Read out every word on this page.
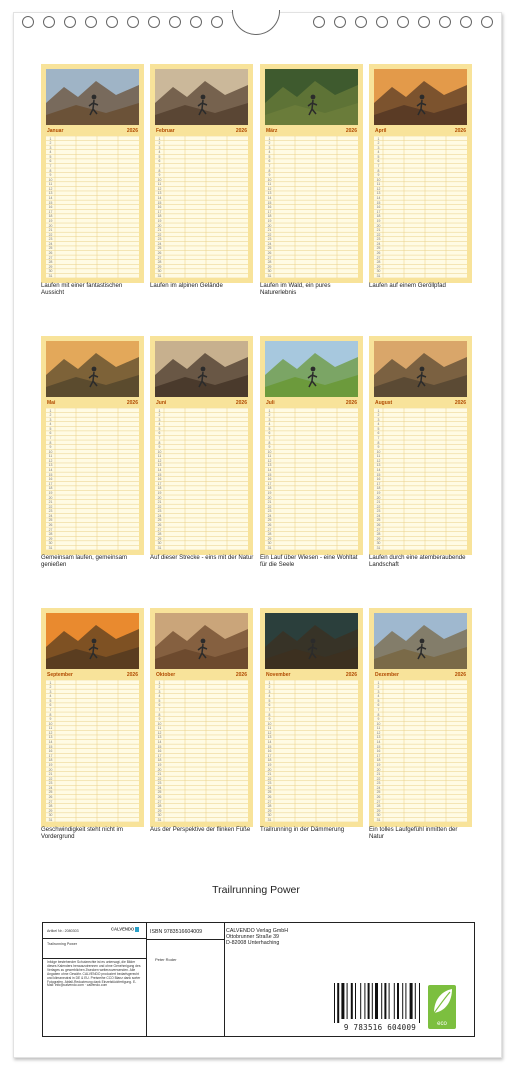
Januar	2026
1
2
3
4
5
6
7
8
9
10
11
12
13
14
15
16
17
18
19
20
21
22
23
24
25
26
27
28
29
30
31
Laufen mit einer fantastischen Aussicht
Februar	2026
1
2
3
4
5
6
7
8
9
10
11
12
13
14
15
16
17
18
19
20
21
22
23
24
25
26
27
28
29
30
31
Laufen im alpinen Gelände
März	2026
1
2
3
4
5
6
7
8
9
10
11
12
13
14
15
16
17
18
19
20
21
22
23
24
25
26
27
28
29
30
31
Laufen im Wald, ein pures Naturerlebnis
April	2026
1
2
3
4
5
6
7
8
9
10
11
12
13
14
15
16
17
18
19
20
21
22
23
24
25
26
27
28
29
30
31
Laufen auf einem Geröllpfad
Mai	2026
1
2
3
4
5
6
7
8
9
10
11
12
13
14
15
16
17
18
19
20
21
22
23
24
25
26
27
28
29
30
31
Gemeinsam laufen, gemeinsam genießen
Juni	2026
1
2
3
4
5
6
7
8
9
10
11
12
13
14
15
16
17
18
19
20
21
22
23
24
25
26
27
28
29
30
31
Auf dieser Strecke - eins mit der Natur
Juli	2026
1
2
3
4
5
6
7
8
9
10
11
12
13
14
15
16
17
18
19
20
21
22
23
24
25
26
27
28
29
30
31
Ein Lauf über Wiesen - eine Wohltat für die Seele
August	2026
1
2
3
4
5
6
7
8
9
10
11
12
13
14
15
16
17
18
19
20
21
22
23
24
25
26
27
28
29
30
31
Laufen durch eine atemberaubende Landschaft
September	2026
1
2
3
4
5
6
7
8
9
10
11
12
13
14
15
16
17
18
19
20
21
22
23
24
25
26
27
28
29
30
31
Geschwindigkeit steht nicht im Vordergrund
Oktober	2026
1
2
3
4
5
6
7
8
9
10
11
12
13
14
15
16
17
18
19
20
21
22
23
24
25
26
27
28
29
30
31
Aus der Perspektive der flinken Füße
November	2026
1
2
3
4
5
6
7
8
9
10
11
12
13
14
15
16
17
18
19
20
21
22
23
24
25
26
27
28
29
30
31
Trailrunning in der Dämmerung
Dezember	2026
1
2
3
4
5
6
7
8
9
10
11
12
13
14
15
16
17
18
19
20
21
22
23
24
25
26
27
28
29
30
31
Ein tolles Laufgefühl inmitten der Natur
Trailrunning Power
Artikel Nr.: 2080303	CALVENDO
Trailrunning Power
Infolge bestehender Schutzrechte ist es untersagt, die Bilder dieses Kalenders herauszutrennen und ohne Genehmigung des Verlages zu gewerblichen Zwecken weiterzuverwenden. Alle Angaben ohne Gewähr. CALVENDO produziert bedarfsgerecht und klimaneutral in DE & EU. Preisreihe CCO Bianz dank sorter Fotografen. Abfall-Reduzierung dank Einzelstückfertigung. E-Mail: info@calvendo.com · calvendo.com
ISBN 9783516604009
Peter Roder
CALVENDO Verlag GmbH
Ottobrunner Straße 39
D-82008 Unterhaching
9 783516 604009	eco
